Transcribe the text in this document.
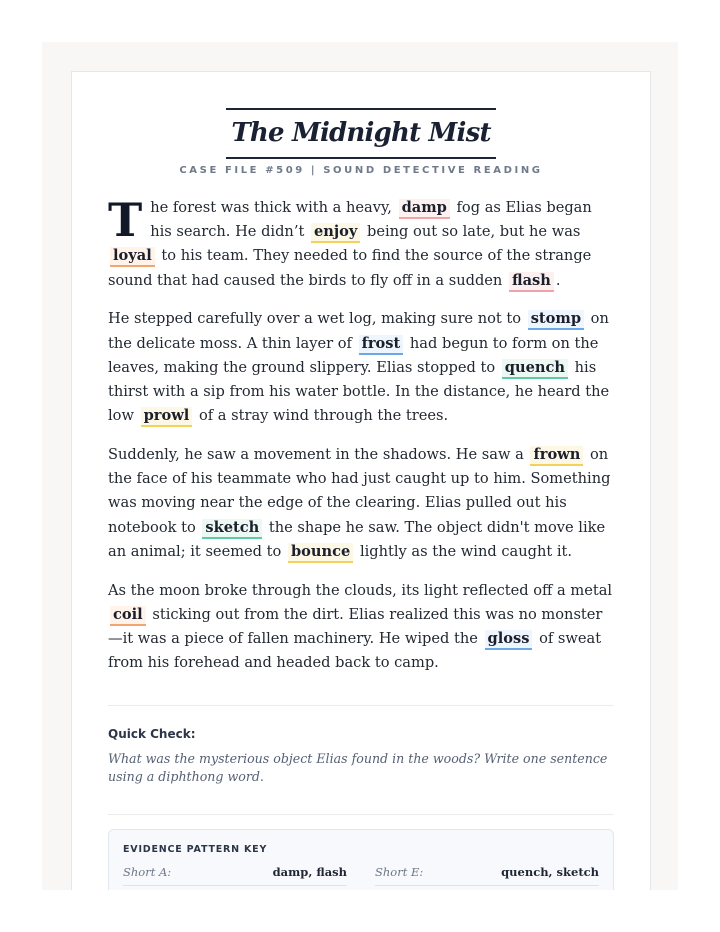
The Midnight Mist
CASE FILE #509 | SOUND DETECTIVE READING

The forest was thick with a heavy, damp fog as Elias began his search. He didn’t enjoy being out so late, but he was loyal to his team. They needed to find the source of the strange sound that had caused the birds to fly off in a sudden flash .

He stepped carefully over a wet log, making sure not to stomp on the delicate moss. A thin layer of frost had begun to form on the leaves, making the ground slippery. Elias stopped to quench his thirst with a sip from his water bottle. In the distance, he heard the low prowl of a stray wind through the trees.

Suddenly, he saw a movement in the shadows. He saw a frown on the face of his teammate who had just caught up to him. Something was moving near the edge of the clearing. Elias pulled out his notebook to sketch the shape he saw. The object didn't move like an animal; it seemed to bounce lightly as the wind caught it.

As the moon broke through the clouds, its light reflected off a metal coil sticking out from the dirt. Elias realized this was no monster—it was a piece of fallen machinery. He wiped the gloss of sweat from his forehead and headed back to camp.

Quick Check:
What was the mysterious object Elias found in the woods? Write one sentence using a diphthong word.
EVIDENCE PATTERN KEY
Short A:	damp, flash Short E:	quench, sketch
